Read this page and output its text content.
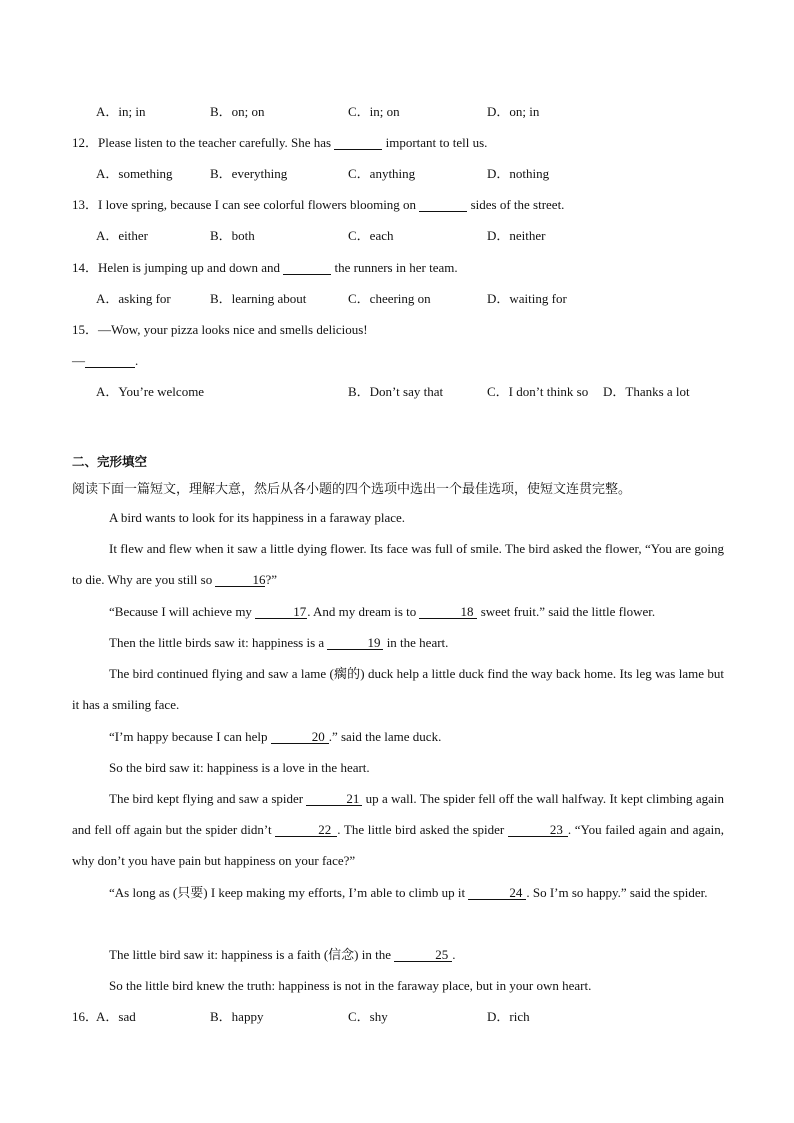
A．in; in	B．on; on	C．in; on	D．on; in
12．Please listen to the teacher carefully. She has	important to tell us.
A．something	B．everything	C．anything	D．nothing
13．I love spring, because I can see colorful flowers blooming on	sides of the street.
A．either	B．both	C．each	D．neither
14．Helen is jumping up and down and	the runners in her team.
A．asking for	B．learning about	C．cheering on	D．waiting for
15．—Wow, your pizza looks nice and smells delicious!
—	.
A．You’re welcome	B．Don’t say that	C．I don’t think so D．Thanks a lot
二、完形填空
阅读下面一篇短文，理解大意，然后从各小题的四个选项中选出一个最佳选项，使短文连贯完整。
A bird wants to look for its happiness in a faraway place.
It flew and flew when it saw a little dying flower. Its face was full of smile. The bird asked the flower, “You are going to die. Why are you still so	16?”
“Because I will achieve my	17. And my dream is to	18 sweet fruit.” said the little flower.
Then the little birds saw it: happiness is a	19 in the heart.
The bird continued flying and saw a lame (瘸的) duck help a little duck find the way back home. Its leg was lame but it has a smiling face.
“I’m happy because I can help	20 .” said the lame duck.
So the bird saw it: happiness is a love in the heart.
The bird kept flying and saw a spider	21 up a wall. The spider fell off the wall halfway. It kept climbing again and fell off again but the spider didn’t	22 . The little bird asked the spider	23 . “You failed again and again, why don’t you have pain but happiness on your face?”
“As long as (只要) I keep making my efforts, I’m able to climb up it	24 . So I’m so happy.” said the spider.
The little bird saw it: happiness is a faith (信念) in the	25 .
So the little bird knew the truth: happiness is not in the faraway place, but in your own heart.
16．
A．sad	B．happy	C．shy	D．rich
